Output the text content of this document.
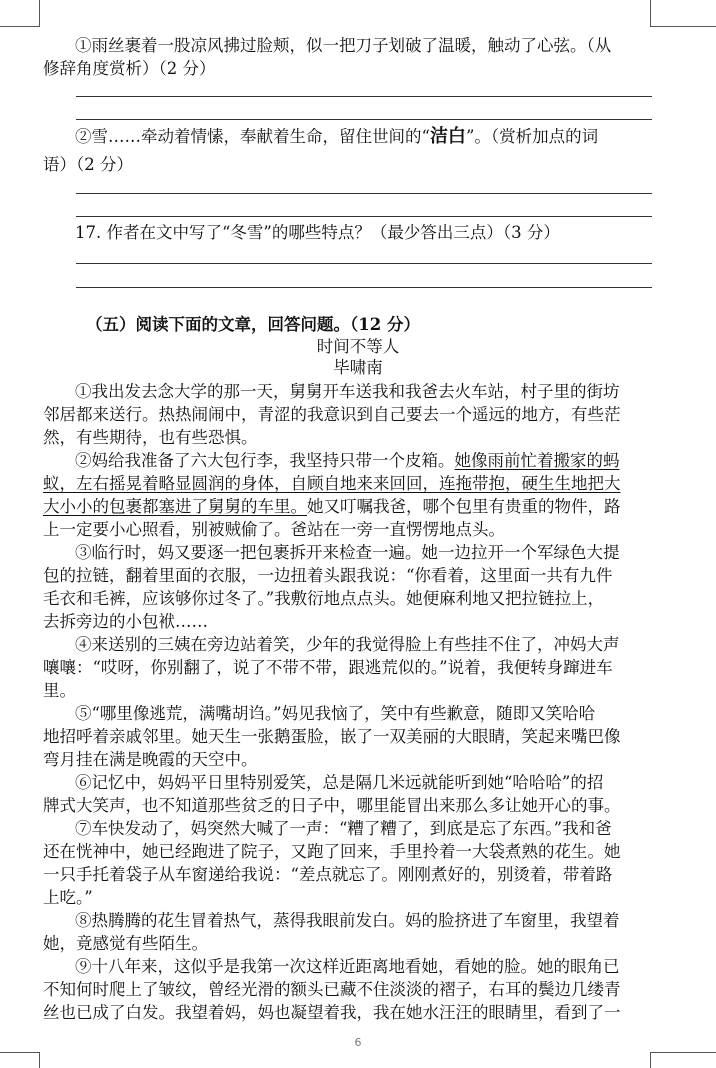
①雨丝裹着一股凉风拂过脸颊，似一把刀子划破了温暖，触动了心弦。（从
修辞角度赏析）（2 分）
②雪……牵动着情愫，奉献着生命，留住世间的“洁白”。（赏析加点的词
语）（2 分）
17. 作者在文中写了“冬雪”的哪些特点？（最少答出三点）（3 分）
（五）阅读下面的文章，回答问题。（12 分）
时间不等人
毕啸南
①我出发去念大学的那一天，舅舅开车送我和我爸去火车站，村子里的街坊
邻居都来送行。热热闹闹中，青涩的我意识到自己要去一个遥远的地方，有些茫
然，有些期待，也有些恐惧。
②妈给我准备了六大包行李，我坚持只带一个皮箱。她像雨前忙着搬家的蚂
蚁，左右摇晃着略显圆润的身体，自顾自地来来回回，连拖带抱，硬生生地把大
大小小的包裹都塞进了舅舅的车里。她又叮嘱我爸，哪个包里有贵重的物件，路
上一定要小心照看，别被贼偷了。爸站在一旁一直愣愣地点头。
③临行时，妈又要逐一把包裹拆开来检查一遍。她一边拉开一个军绿色大提
包的拉链，翻着里面的衣服，一边扭着头跟我说：“你看着，这里面一共有九件
毛衣和毛裤，应该够你过冬了。”我敷衍地点点头。她便麻利地又把拉链拉上，
去拆旁边的小包袱……
④来送别的三姨在旁边站着笑，少年的我觉得脸上有些挂不住了，冲妈大声
嚷嚷：“哎呀，你别翻了，说了不带不带，跟逃荒似的。”说着，我便转身蹿进车
里。
⑤“哪里像逃荒，满嘴胡诌。”妈见我恼了，笑中有些歉意，随即又笑哈哈
地招呼着亲戚邻里。她天生一张鹅蛋脸，嵌了一双美丽的大眼睛，笑起来嘴巴像
弯月挂在满是晚霞的天空中。
⑥记忆中，妈妈平日里特别爱笑，总是隔几米远就能听到她“哈哈哈”的招
牌式大笑声，也不知道那些贫乏的日子中，哪里能冒出来那么多让她开心的事。
⑦车快发动了，妈突然大喊了一声：“糟了糟了，到底是忘了东西。”我和爸
还在恍神中，她已经跑进了院子，又跑了回来，手里拎着一大袋煮熟的花生。她
一只手托着袋子从车窗递给我说：“差点就忘了。刚刚煮好的，别烫着，带着路
上吃。”
⑧热腾腾的花生冒着热气，蒸得我眼前发白。妈的脸挤进了车窗里，我望着
她，竟感觉有些陌生。
⑨十八年来，这似乎是我第一次这样近距离地看她，看她的脸。她的眼角已
不知何时爬上了皱纹，曾经光滑的额头已藏不住淡淡的褶子，右耳的鬓边几缕青
丝也已成了白发。我望着妈，妈也凝望着我，我在她水汪汪的眼睛里，看到了一
6
